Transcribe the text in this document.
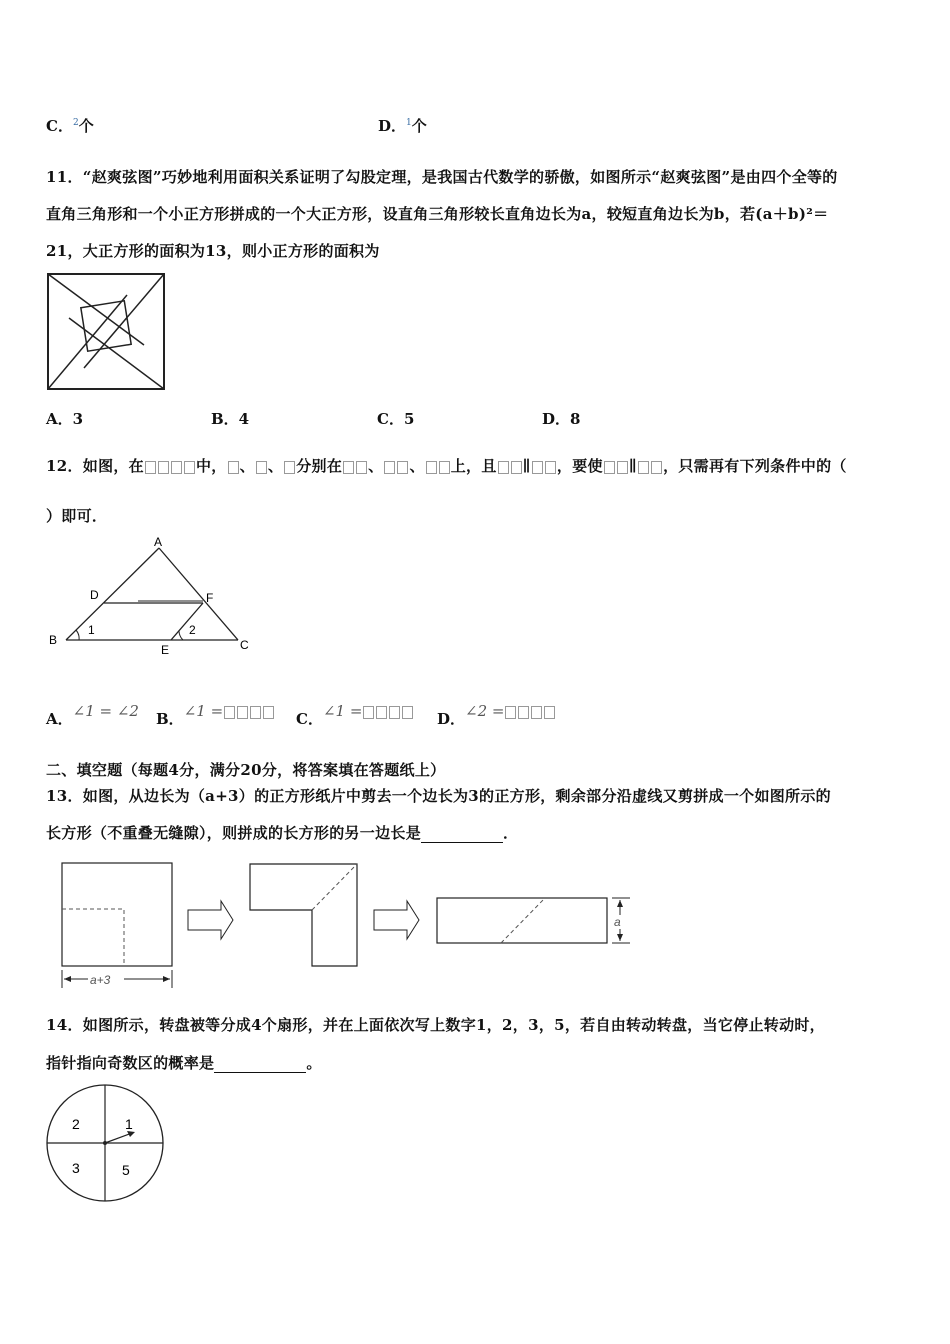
C．$^2$个	D．$^1$个
11．“赵爽弦图”巧妙地利用面积关系证明了勾股定理，是我国古代数学的骄傲，如图所示“赵爽弦图”是由四个全等的
直角三角形和一个小正方形拼成的一个大正方形，设直角三角形较长直角边长为a，较短直角边长为b，若(a＋b)²＝
21，大正方形的面积为13，则小正方形的面积为
A．3	B．4	C．5	D．8
12．如图，在	中， 、 、 分别在 、 、 上，且 ∥ ，要使 ∥ ，只需再有下列条件中的（
）即可．
A
D	F
B
E	C
1	2
A．∠1 = ∠2 B．∠1 =	C．∠1 =	D．∠2 =
二、填空题（每题4分，满分20分，将答案填在答题纸上）
13．如图，从边长为（a+3）的正方形纸片中剪去一个边长为3的正方形，剩余部分沿虚线又剪拼成一个如图所示的
长方形（不重叠无缝隙），则拼成的长方形的另一边长是	．
a+3
a
14．如图所示，转盘被等分成4个扇形，并在上面依次写上数字1，2，3，5，若自由转动转盘，当它停止转动时，
指针指向奇数区的概率是	。
2	1
3	5
